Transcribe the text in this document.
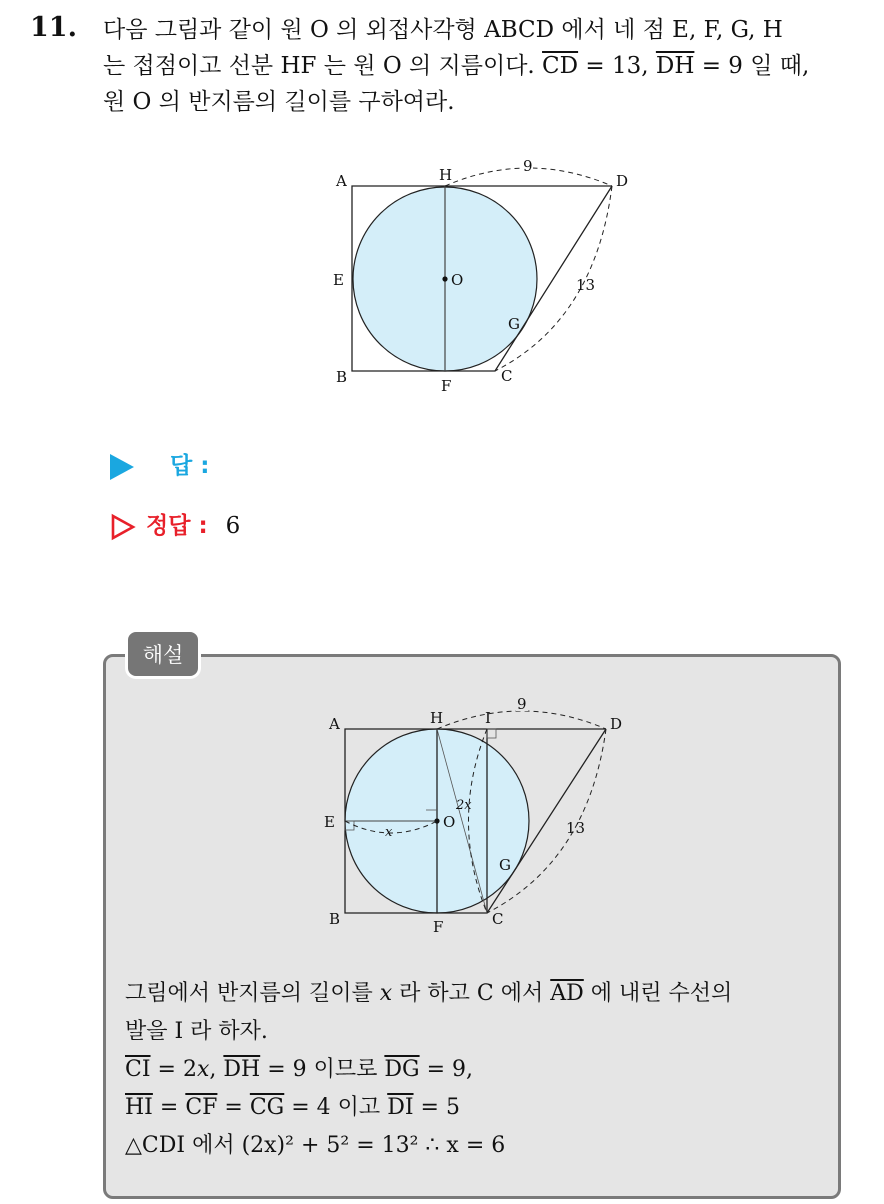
11. 다음 그림과 같이 원 O 의 외접사각형 ABCD 에서 네 점 E, F, G, H
는 접점이고 선분 HF 는 원 O 의 지름이다. $\overline{CD} = 13$, $\overline{DH} = 9$ 일 때,
원 O 의 반지름의 길이를 구하여라.
9
A	H	D
E	O	13
G
B	F
C
답 :
정답 : 6
해설
9
A	H	I	D
E	O
2x
x	13
G
B	F	C
그림에서 반지름의 길이를 x 라 하고 C 에서 $\overline{AD}$ 에 내린 수선의
발을 I 라 하자.
$\overline{CI} = 2x$, $\overline{DH} = 9$ 이므로 $\overline{DG} = 9$,
$\overline{HI} = \overline{CF} = \overline{CG} = 4$ 이고 $\overline{DI} = 5$
△CDI 에서 (2x)² + 5² = 13² ∴ x = 6
